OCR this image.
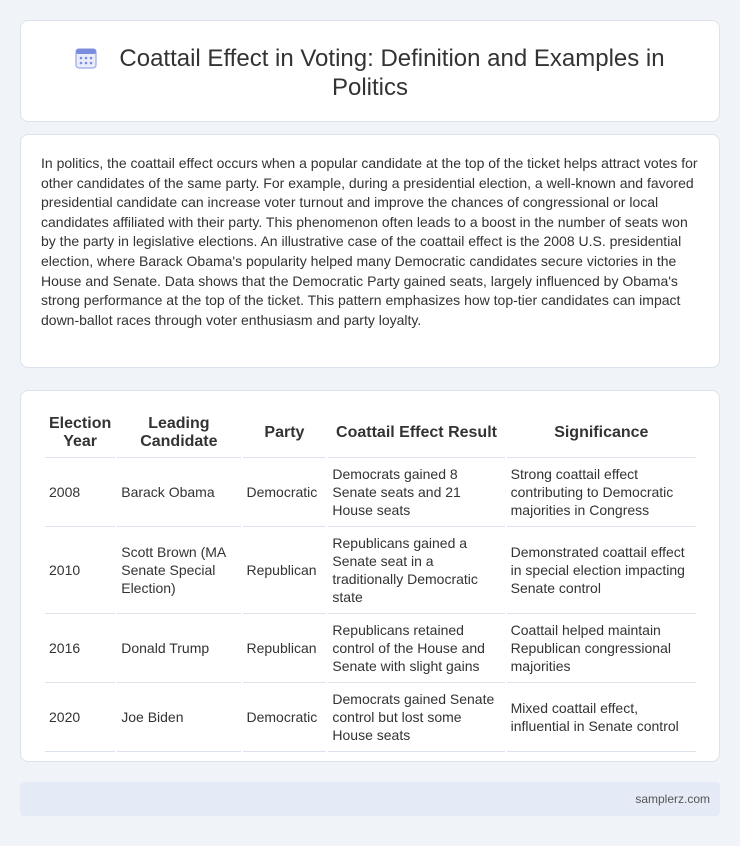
Coattail Effect in Voting: Definition and Examples in Politics

In politics, the coattail effect occurs when a popular candidate at the top of the ticket helps attract votes for other candidates of the same party. For example, during a presidential election, a well-known and favored presidential candidate can increase voter turnout and improve the chances of congressional or local candidates affiliated with their party. This phenomenon often leads to a boost in the number of seats won by the party in legislative elections. An illustrative case of the coattail effect is the 2008 U.S. presidential election, where Barack Obama's popularity helped many Democratic candidates secure victories in the House and Senate. Data shows that the Democratic Party gained seats, largely influenced by Obama's strong performance at the top of the ticket. This pattern emphasizes how top-tier candidates can impact down-ballot races through voter enthusiasm and party loyalty.

Election Year	Leading Candidate	Party	Coattail Effect Result	Significance
2008	Barack Obama	Democratic	Democrats gained 8 Senate seats and 21 House seats	Strong coattail effect contributing to Democratic majorities in Congress
2010	Scott Brown (MA Senate Special Election)	Republican	Republicans gained a Senate seat in a traditionally Democratic state	Demonstrated coattail effect in special election impacting Senate control
2016	Donald Trump	Republican	Republicans retained control of the House and Senate with slight gains	Coattail helped maintain Republican congressional majorities
2020	Joe Biden	Democratic	Democrats gained Senate control but lost some House seats	Mixed coattail effect, influential in Senate control
samplerz.com
